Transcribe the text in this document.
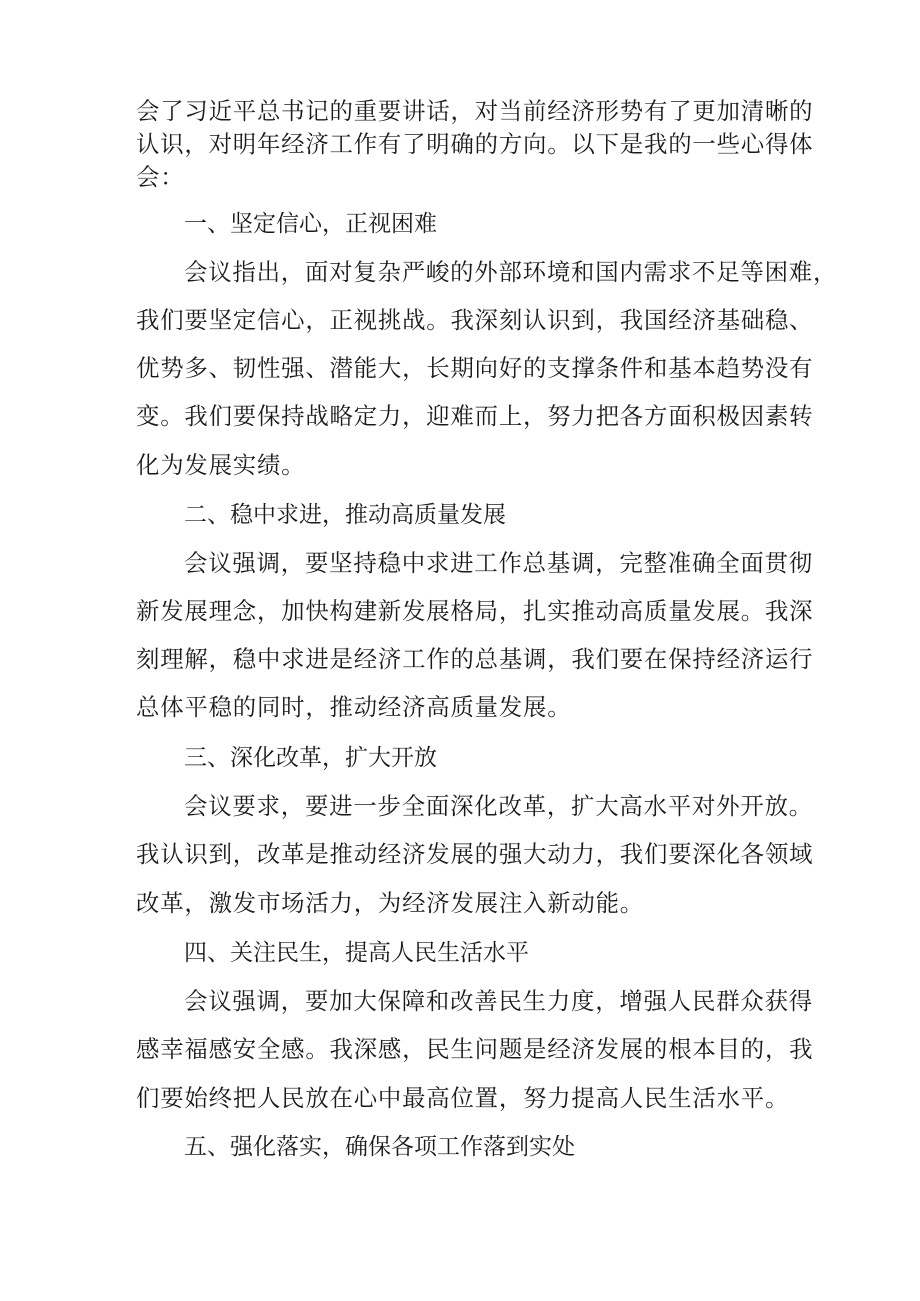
会了习近平总书记的重要讲话，对当前经济形势有了更加清晰的
认识，对明年经济工作有了明确的方向。以下是我的一些心得体
会：
一、坚定信心，正视困难
会议指出，面对复杂严峻的外部环境和国内需求不足等困难，
我们要坚定信心，正视挑战。我深刻认识到，我国经济基础稳、
优势多、韧性强、潜能大，长期向好的支撑条件和基本趋势没有
变。我们要保持战略定力，迎难而上，努力把各方面积极因素转
化为发展实绩。
二、稳中求进，推动高质量发展
会议强调，要坚持稳中求进工作总基调，完整准确全面贯彻
新发展理念，加快构建新发展格局，扎实推动高质量发展。我深
刻理解，稳中求进是经济工作的总基调，我们要在保持经济运行
总体平稳的同时，推动经济高质量发展。
三、深化改革，扩大开放
会议要求，要进一步全面深化改革，扩大高水平对外开放。
我认识到，改革是推动经济发展的强大动力，我们要深化各领域
改革，激发市场活力，为经济发展注入新动能。
四、关注民生，提高人民生活水平
会议强调，要加大保障和改善民生力度，增强人民群众获得
感幸福感安全感。我深感，民生问题是经济发展的根本目的，我
们要始终把人民放在心中最高位置，努力提高人民生活水平。
五、强化落实，确保各项工作落到实处
